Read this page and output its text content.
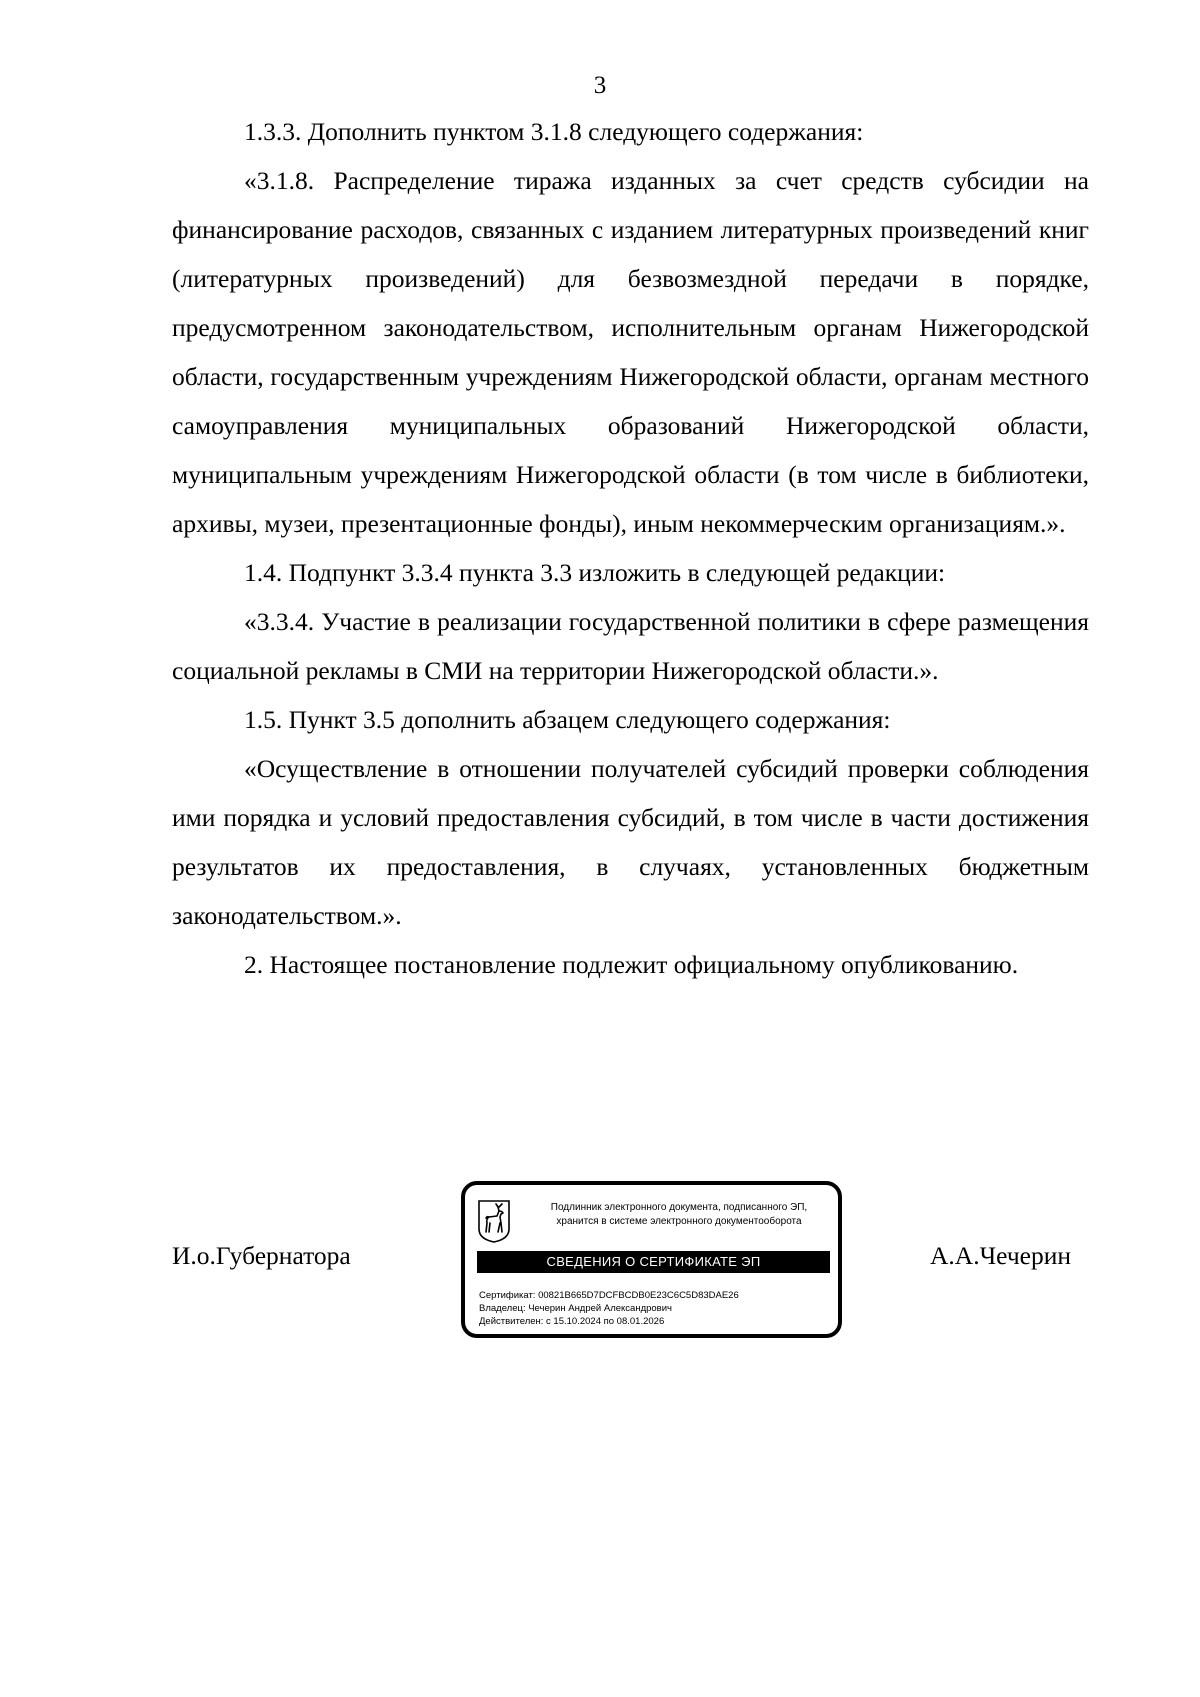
3

1.3.3. Дополнить пунктом 3.1.8 следующего содержания:

«3.1.8. Распределение тиража изданных за счет средств субсидии на финансирование расходов, связанных с изданием литературных произведений книг (литературных произведений) для безвозмездной передачи в порядке, предусмотренном законодательством, исполнительным органам Нижегородской области, государственным учреждениям Нижегородской области, органам местного самоуправления муниципальных образований Нижегородской области, муниципальным учреждениям Нижегородской области (в том числе в библиотеки, архивы, музеи, презентационные фонды), иным некоммерческим организациям.».

1.4. Подпункт 3.3.4 пункта 3.3 изложить в следующей редакции:

«3.3.4. Участие в реализации государственной политики в сфере размещения социальной рекламы в СМИ на территории Нижегородской области.».

1.5. Пункт 3.5 дополнить абзацем следующего содержания:

«Осуществление в отношении получателей субсидий проверки соблюдения ими порядка и условий предоставления субсидий, в том числе в части достижения результатов их предоставления, в случаях, установленных бюджетным законодательством.».

2. Настоящее постановление подлежит официальному опубликованию.

И.о.Губернатора
Подлинник электронного документа, подписанного ЭП,
хранится в системе электронного документооборота
СВЕДЕНИЯ О СЕРТИФИКАТЕ ЭП
Сертификат: 00821B665D7DCFBCDB0E23C6C5D83DAE26
Владелец: Чечерин Андрей Александрович
Действителен: с 15.10.2024 по 08.01.2026
А.А.Чечерин
